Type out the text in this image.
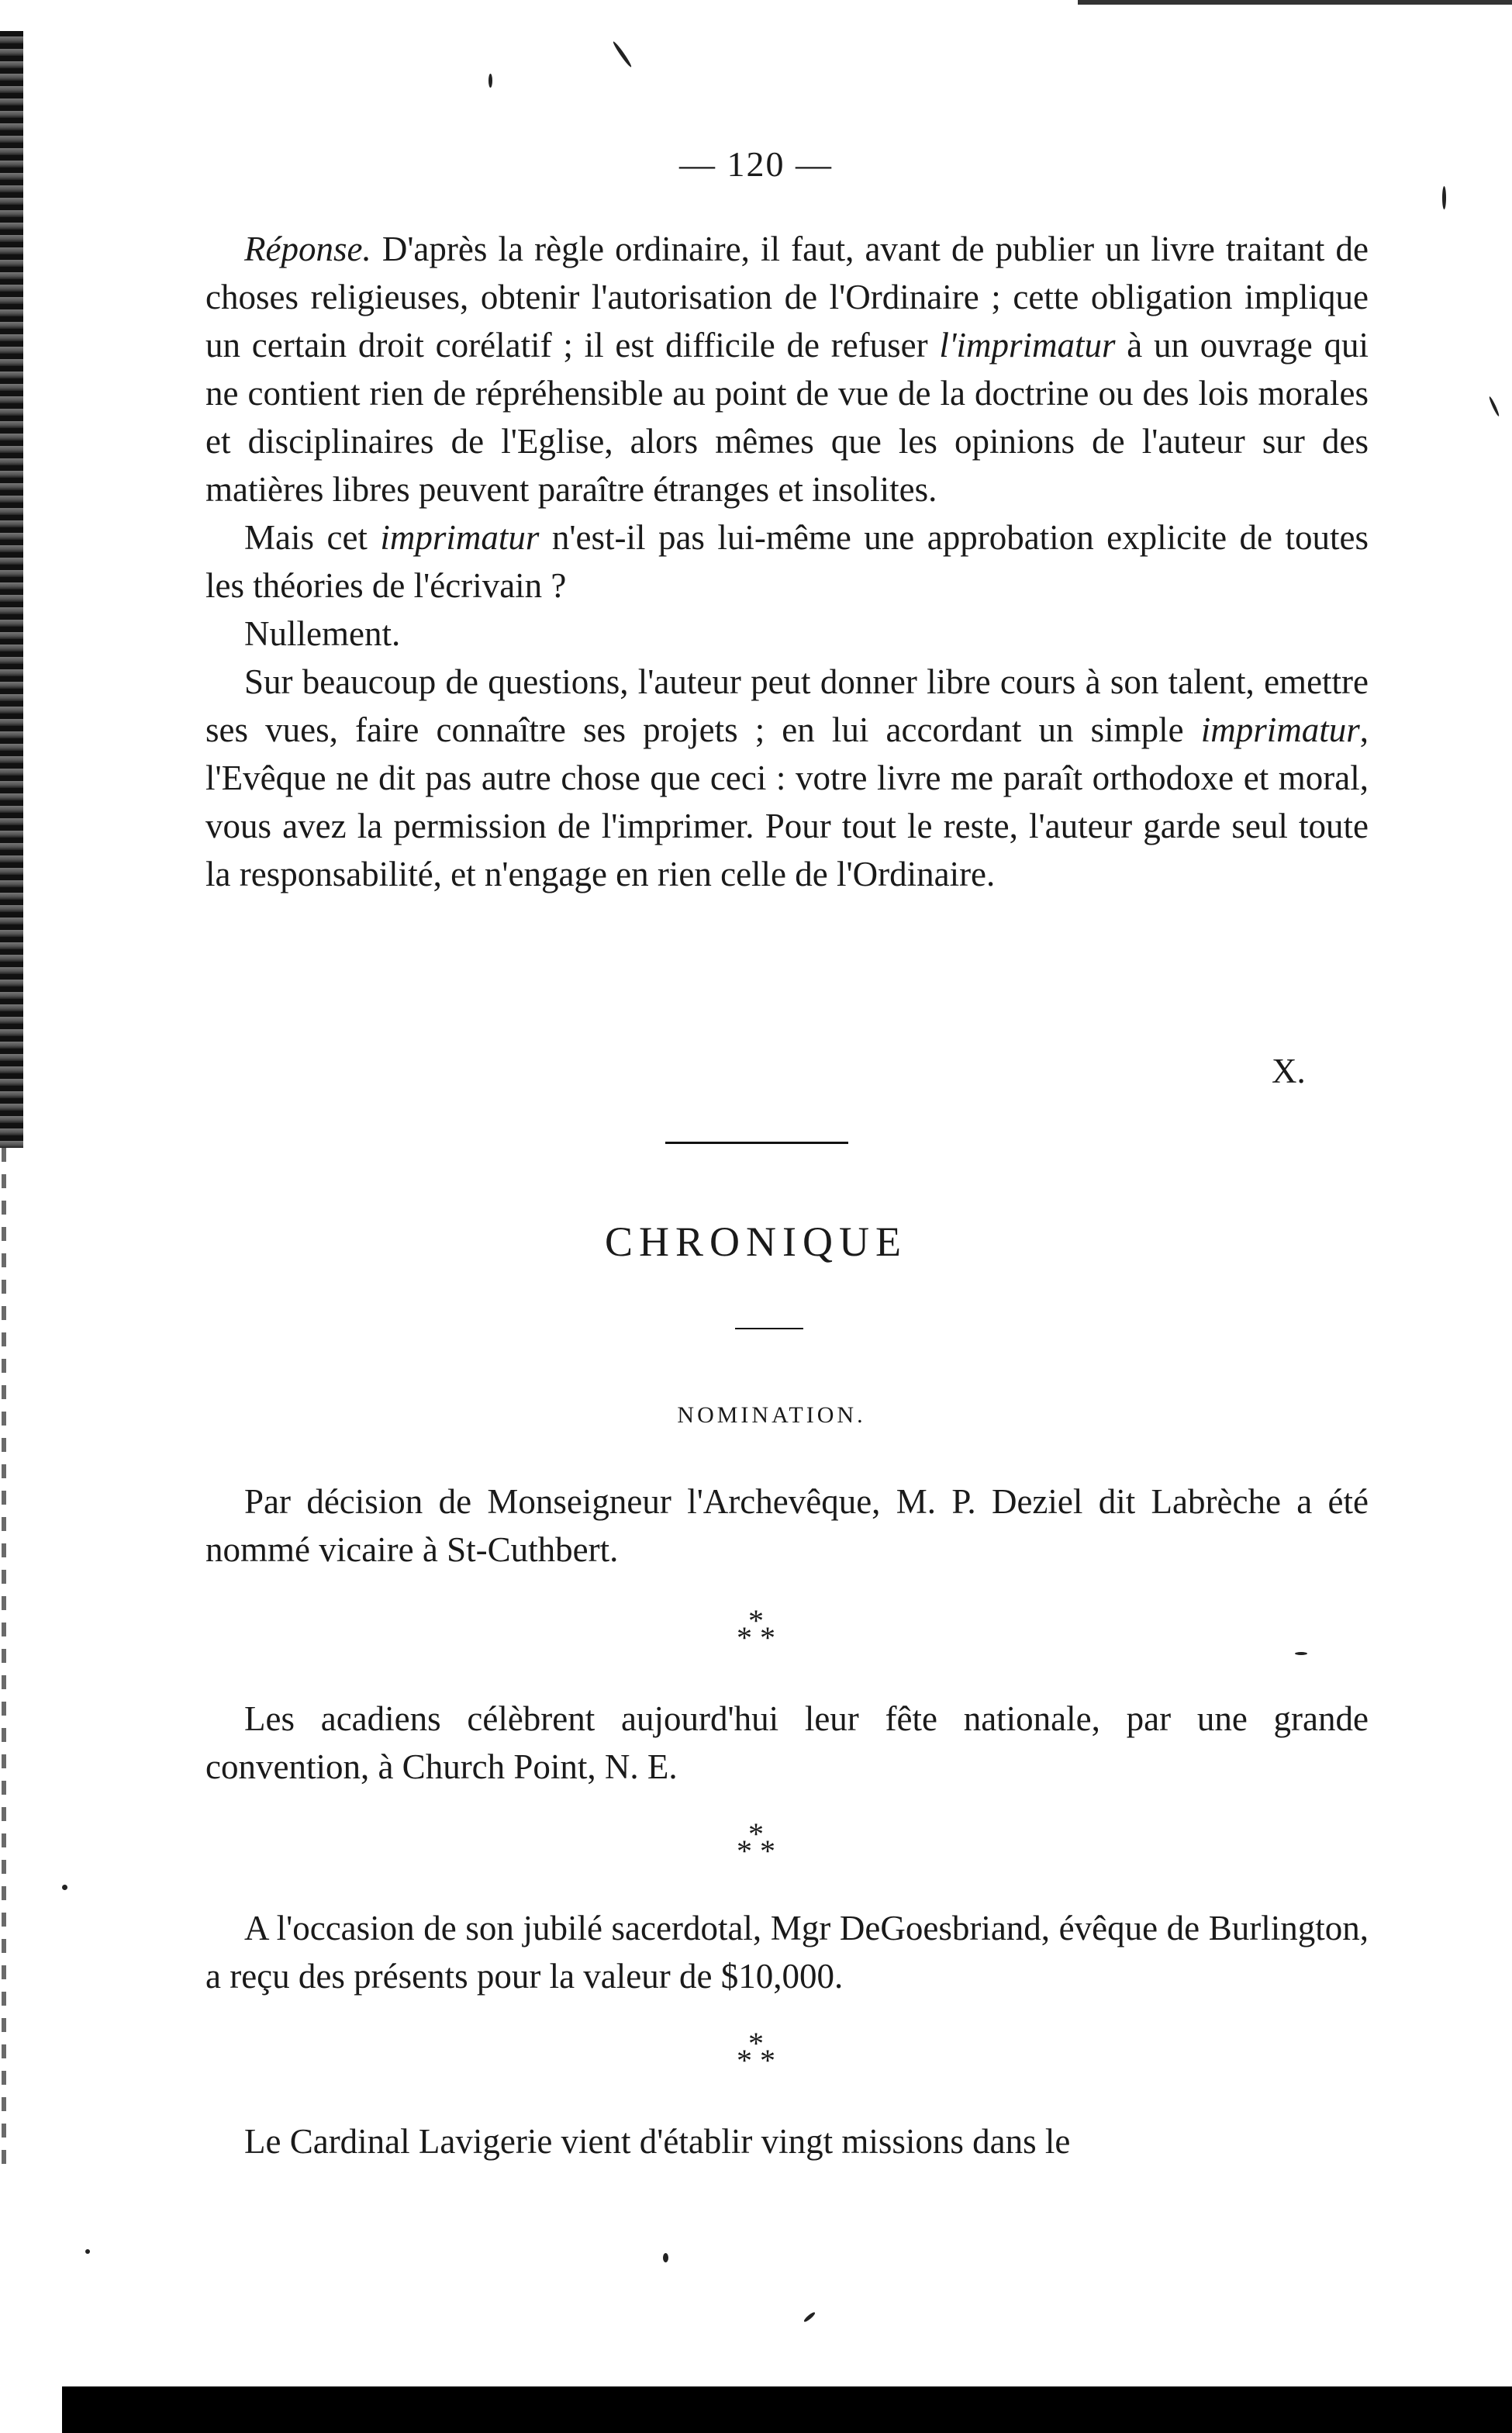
— 120 —

Réponse. D'après la règle ordinaire, il faut, avant de publier un livre traitant de choses religieuses, obtenir l'autorisation de l'Ordinaire ; cette obligation implique un certain droit corélatif ; il est difficile de refuser l'imprimatur à un ouvrage qui ne contient rien de répréhensible au point de vue de la doctrine ou des lois morales et disciplinaires de l'Eglise, alors mêmes que les opinions de l'auteur sur des matières libres peuvent paraître étranges et insolites.

Mais cet imprimatur n'est-il pas lui-même une approbation explicite de toutes les théories de l'écrivain ?

Nullement.

Sur beaucoup de questions, l'auteur peut donner libre cours à son talent, emettre ses vues, faire connaître ses projets ; en lui accordant un simple imprimatur, l'Evêque ne dit pas autre chose que ceci : votre livre me paraît orthodoxe et moral, vous avez la permission de l'imprimer. Pour tout le reste, l'auteur garde seul toute la responsabilité, et n'engage en rien celle de l'Ordinaire.

X.
CHRONIQUE
NOMINATION.

Par décision de Monseigneur l'Archevêque, M. P. Deziel dit Labrèche a été nommé vicaire à St-Cuthbert.

*
* *

Les acadiens célèbrent aujourd'hui leur fête nationale, par une grande convention, à Church Point, N. E.

*
* *

A l'occasion de son jubilé sacerdotal, Mgr DeGoesbriand, évêque de Burlington, a reçu des présents pour la valeur de $10,000.

*
* *

Le Cardinal Lavigerie vient d'établir vingt missions dans le
